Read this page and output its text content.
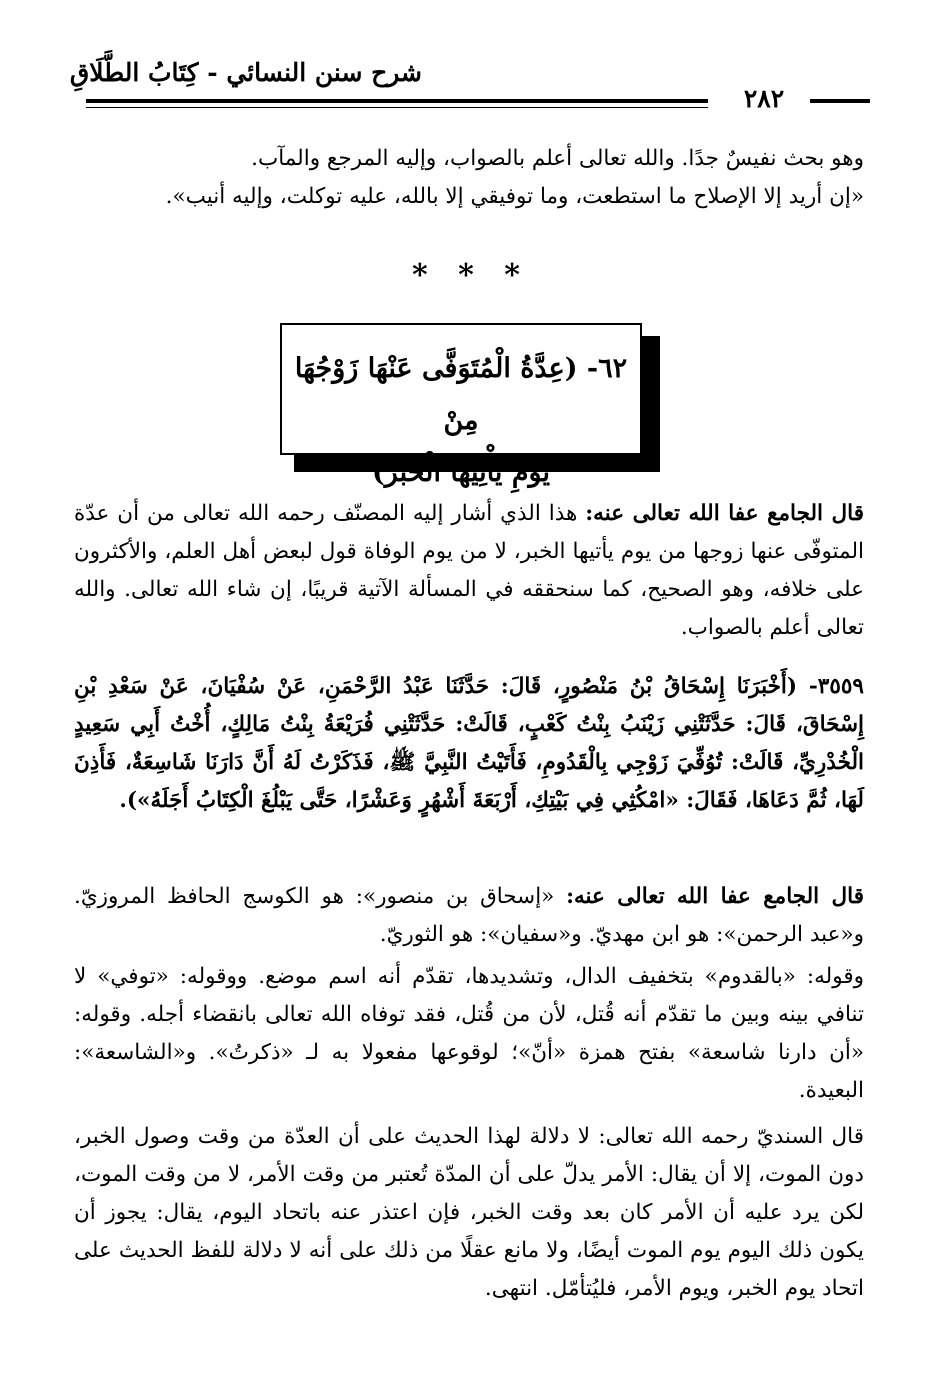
شرح سنن النسائي - كِتَابُ الطَّلَاقِ
٢٨٢

وهو بحث نفيسٌ جدًا. والله تعالى أعلم بالصواب، وإليه المرجع والمآب.

«إن أريد إلا الإصلاح ما استطعت، وما توفيقي إلا بالله، عليه توكلت، وإليه أنيب».

* * *
٦٢- (عِدَّةُ الْمُتَوَفَّى عَنْهَا زَوْجُهَا مِنْ
يَوْمِ يَأْتِيهَا الْخَبَرُ)

قال الجامع عفا الله تعالى عنه: هذا الذي أشار إليه المصنّف رحمه الله تعالى من أن عدّة المتوفّى عنها زوجها من يوم يأتيها الخبر، لا من يوم الوفاة قول لبعض أهل العلم، والأكثرون على خلافه، وهو الصحيح، كما سنحققه في المسألة الآتية قريبًا، إن شاء الله تعالى. والله تعالى أعلم بالصواب.

٣٥٥٩- (أَخْبَرَنَا إِسْحَاقُ بْنُ مَنْصُورٍ، قَالَ: حَدَّثَنَا عَبْدُ الرَّحْمَنِ، عَنْ سُفْيَانَ، عَنْ سَعْدِ بْنِ إِسْحَاقَ، قَالَ: حَدَّثَتْنِي زَيْنَبُ بِنْتُ كَعْبٍ، قَالَتْ: حَدَّثَتْنِي فُرَيْعَةُ بِنْتُ مَالِكٍ، أُخْتُ أَبِي سَعِيدٍ الْخُدْرِيِّ، قَالَتْ: تُوُفِّيَ زَوْجِي بِالْقَدُومِ، فَأَتَيْتُ النَّبِيَّ ﷺ، فَذَكَرْتُ لَهُ أَنَّ دَارَنَا شَاسِعَةٌ، فَأَذِنَ لَهَا، ثُمَّ دَعَاهَا، فَقَالَ: «امْكُثِي فِي بَيْتِكِ، أَرْبَعَةَ أَشْهُرٍ وَعَشْرًا، حَتَّى يَبْلُغَ الْكِتَابُ أَجَلَهُ»).

قال الجامع عفا الله تعالى عنه: «إسحاق بن منصور»: هو الكوسج الحافظ المروزيّ. و«عبد الرحمن»: هو ابن مهديّ. و«سفيان»: هو الثوريّ.

وقوله: «بالقدوم» بتخفيف الدال، وتشديدها، تقدّم أنه اسم موضع. ووقوله: «توفي» لا تنافي بينه وبين ما تقدّم أنه قُتل، لأن من قُتل، فقد توفاه الله تعالى بانقضاء أجله. وقوله: «أن دارنا شاسعة» بفتح همزة «أنّ»؛ لوقوعها مفعولا به لـ «ذكرتُ». و«الشاسعة»: البعيدة.

قال السنديّ رحمه الله تعالى: لا دلالة لهذا الحديث على أن العدّة من وقت وصول الخبر، دون الموت، إلا أن يقال: الأمر يدلّ على أن المدّة تُعتبر من وقت الأمر، لا من وقت الموت، لكن يرد عليه أن الأمر كان بعد وقت الخبر، فإن اعتذر عنه باتحاد اليوم، يقال: يجوز أن يكون ذلك اليوم يوم الموت أيضًا، ولا مانع عقلًا من ذلك على أنه لا دلالة للفظ الحديث على اتحاد يوم الخبر، ويوم الأمر، فليُتأمّل. انتهى.
